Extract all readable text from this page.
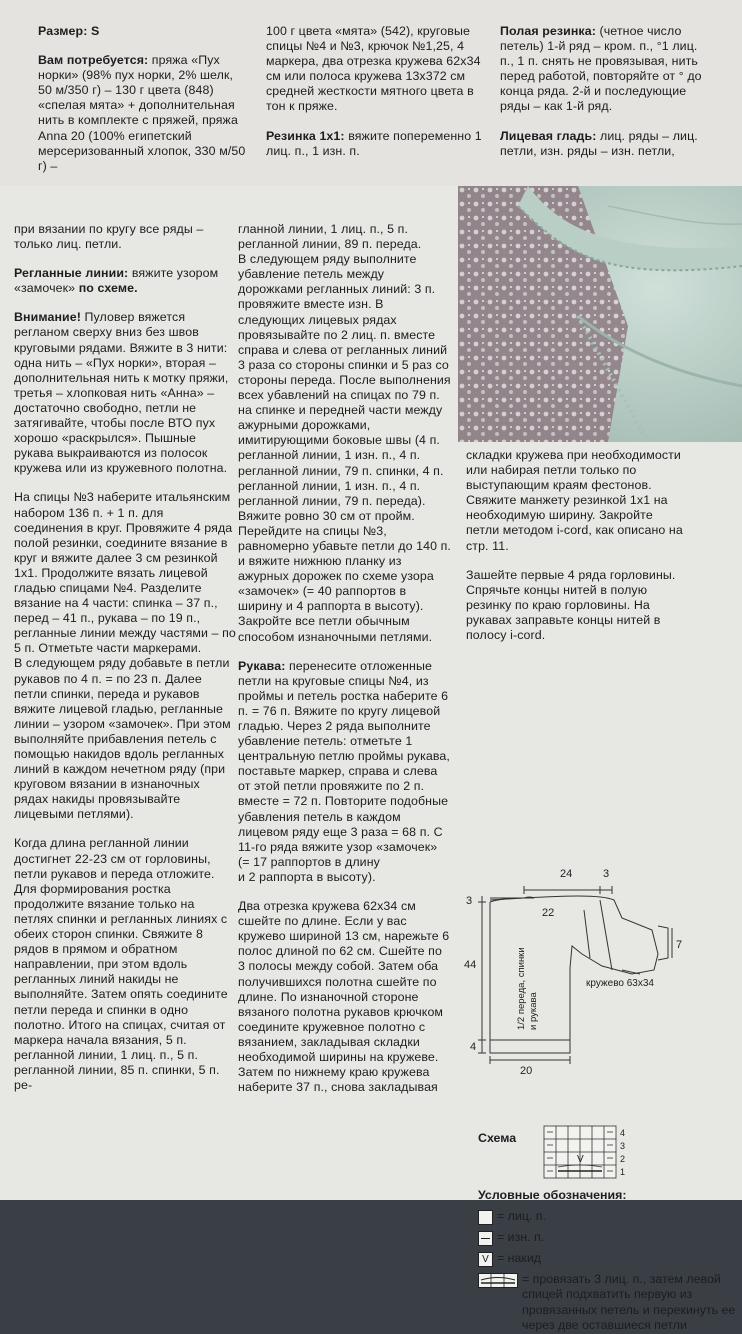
Размер: S

Вам потребуется: пряжа «Пух норки» (98% пух норки, 2% шелк, 50 м/350 г) – 130 г цвета (848) «спелая мята» + дополнительная нить в комплекте с пряжей, пряжа Anna 20 (100% египетский мерсеризованный хлопок, 330 м/50 г) –

100 г цвета «мята» (542), круговые спицы №4 и №3, крючок №1,25, 4 маркера, два отрезка кружева 62х34 см или полоса кружева 13х372 см средней жесткости мятного цвета в тон к пряже.

Резинка 1х1: вяжите попеременно 1 лиц. п., 1 изн. п.

Полая резинка: (четное число петель) 1-й ряд – кром. п., °1 лиц. п., 1 п. снять не провязывая, нить перед работой, повторяйте от ° до конца ряда. 2-й и последующие ряды – как 1-й ряд.

Лицевая гладь: лиц. ряды – лиц. петли, изн. ряды – изн. петли,

при вязании по кругу все ряды – только лиц. петли.

Регланные линии: вяжите узором «замочек» по схеме.

Внимание! Пуловер вяжется регланом сверху вниз без швов круговыми рядами. Вяжите в 3 нити: одна нить – «Пух норки», вторая – дополнительная нить к мотку пряжи, третья – хлопковая нить «Анна» – достаточно свободно, петли не затягивайте, чтобы после ВТО пух хорошо «раскрылся». Пышные рукава выкраиваются из полосок кружева или из кружевного полотна.

На спицы №3 наберите итальянским набором 136 п. + 1 п. для соединения в круг. Провяжите 4 ряда полой резинки, соедините вязание в круг и вяжите далее 3 см резинкой 1х1. Продолжите вязать лицевой гладью спицами №4. Разделите вязание на 4 части: спинка – 37 п., перед – 41 п., рукава – по 19 п., регланные линии между частями – по 5 п. Отметьте части маркерами.
В следующем ряду добавьте в петли рукавов по 4 п. = по 23 п. Далее петли спинки, переда и рукавов вяжите лицевой гладью, регланные линии – узором «замочек». При этом выполняйте прибавления петель с помощью накидов вдоль регланных линий в каждом нечетном ряду (при круговом вязании в изнаночных рядах накиды провязывайте лицевыми петлями).

Когда длина регланной линии достигнет 22-23 см от горловины, петли рукавов и переда отложите. Для формирования ростка продолжите вязание только на петлях спинки и регланных линиях с обеих сторон спинки. Свяжите 8 рядов в прямом и обратном направлении, при этом вдоль регланных линий накиды не выполняйте. Затем опять соедините петли переда и спинки в одно полотно. Итого на спицах, считая от маркера начала вязания, 5 п. регланной линии, 1 лиц. п., 5 п. регланной линии, 85 п. спинки, 5 п. ре-

гланной линии, 1 лиц. п., 5 п. регланной линии, 89 п. переда.
В следующем ряду выполните убавление петель между дорожками регланных линий: 3 п. провяжите вместе изн. В следующих лицевых рядах провязывайте по 2 лиц. п. вместе справа и слева от регланных линий 3 раза со стороны спинки и 5 раз со стороны переда. После выполнения всех убавлений на спицах по 79 п. на спинке и передней части между ажурными дорожками, имитирующими боковые швы (4 п. регланной линии, 1 изн. п., 4 п. регланной линии, 79 п. спинки, 4 п. регланной линии, 1 изн. п., 4 п. регланной линии, 79 п. переда). Вяжите ровно 30 см от пройм. Перейдите на спицы №3, равномерно убавьте петли до 140 п. и вяжите нижнюю планку из ажурных дорожек по схеме узора «замочек» (= 40 раппортов в ширину и 4 раппорта в высоту). Закройте все петли обычным способом изнаночными петлями.

Рукава: перенесите отложенные петли на круговые спицы №4, из проймы и петель ростка наберите 6 п. = 76 п. Вяжите по кругу лицевой гладью. Через 2 ряда выполните убавление петель: отметьте 1 центральную петлю проймы рукава, поставьте маркер, справа и слева от этой петли провяжите по 2 п. вместе = 72 п. Повторите подобные убавления петель в каждом лицевом ряду еще 3 раза = 68 п. С 11-го ряда вяжите узор «замочек»
(= 17 раппортов в длину
и 2 раппорта в высоту).

Два отрезка кружева 62х34 см сшейте по длине. Если у вас кружево шириной 13 см, нарежьте 6 полос длиной по 62 см. Сшейте по 3 полосы между собой. Затем оба получившихся полотна сшейте по длине. По изнаночной стороне вязаного полотна рукавов крючком соедините кружевное полотно с вязанием, закладывая складки необходимой ширины на кружеве. Затем по нижнему краю кружева наберите 37 п., снова закладывая

складки кружева при необходимости или набирая петли только по выступающим краям фестонов. Свяжите манжету резинкой 1х1 на необходимую ширину. Закройте петли методом i-cord, как описано на стр. 11.

Зашейте первые 4 ряда горловины. Спрячьте концы нитей в полую резинку по краю горловины. На рукавах заправьте концы нитей в полосу i-cord.

24	3
3
22
7
44
4
20
кружево 63х34
1/2 переда, спинки и рукава
Схема
V
4
3
2
1
Условные обозначения:
= лиц. п.
= изн. п.
V = накид
= провязать 3 лиц. п., затем левой спицей подхватить первую из провязанных петель и перекинуть ее через две оставшиеся петли
